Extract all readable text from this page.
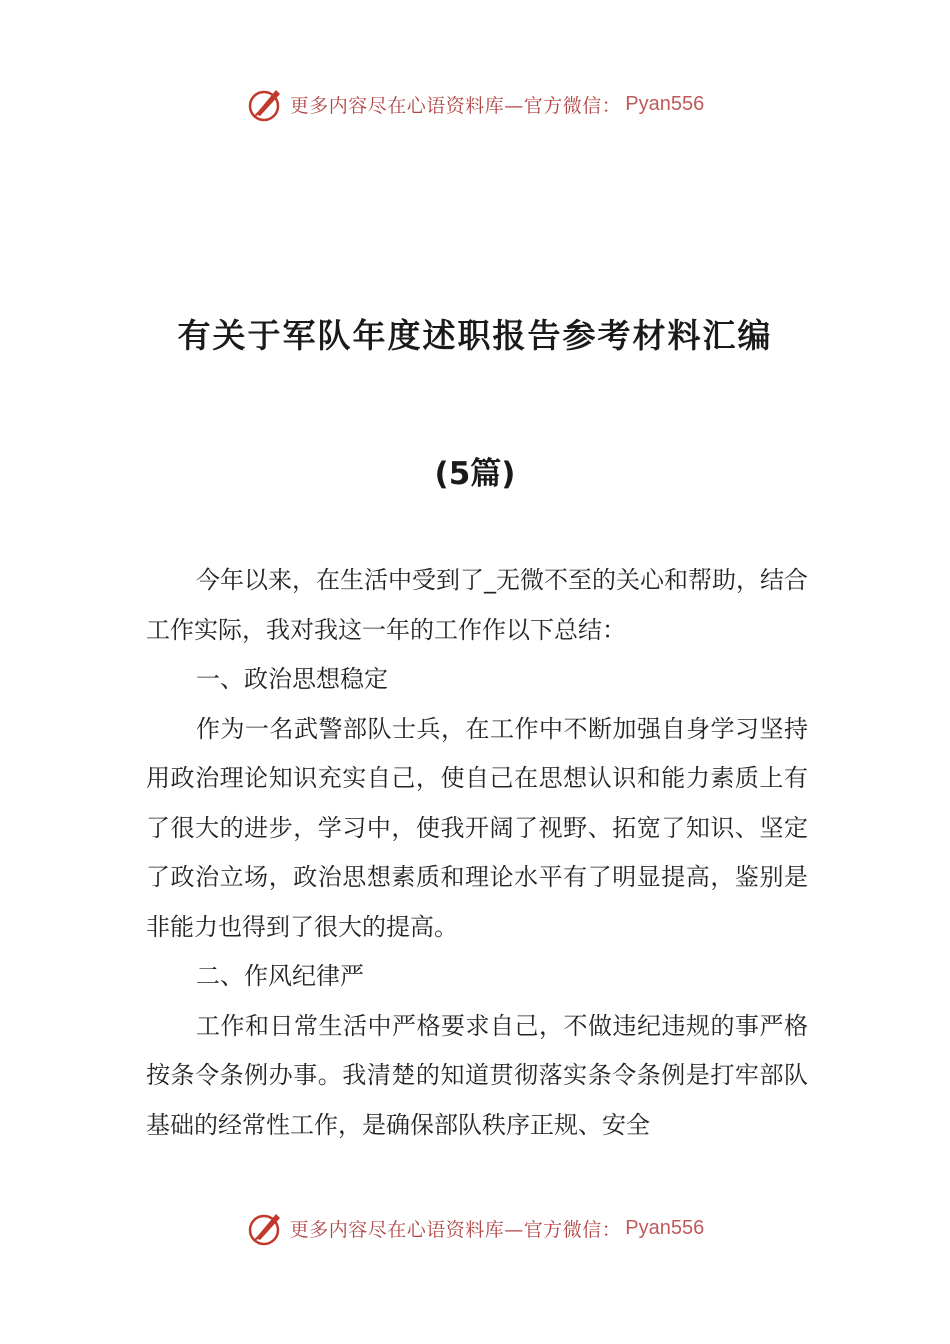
更多内容尽在心语资料库—官方微信： Pyan556
有关于军队年度述职报告参考材料汇编
(5篇)

今年以来，在生活中受到了_无微不至的关心和帮助，结合工作实际，我对我这一年的工作作以下总结：

一、政治思想稳定

作为一名武警部队士兵，在工作中不断加强自身学习坚持用政治理论知识充实自己，使自己在思想认识和能力素质上有了很大的进步，学习中，使我开阔了视野、拓宽了知识、坚定了政治立场，政治思想素质和理论水平有了明显提高，鉴别是非能力也得到了很大的提高。

二、作风纪律严

工作和日常生活中严格要求自己，不做违纪违规的事严格按条令条例办事。我清楚的知道贯彻落实条令条例是打牢部队基础的经常性工作，是确保部队秩序正规、安全

更多内容尽在心语资料库—官方微信： Pyan556
